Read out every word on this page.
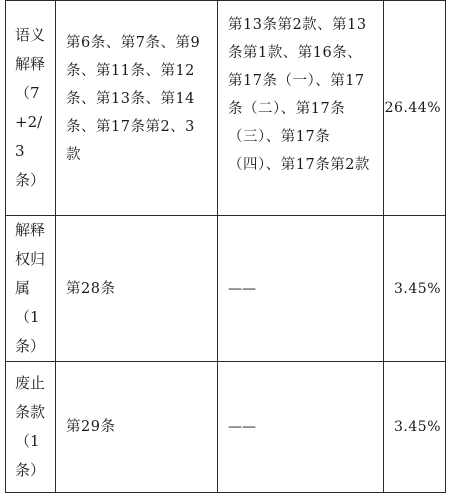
语义解释（7+2/3条）	第6条、第7条、第9条、第11条、第12条、第13条、第14条、第17条第2、3款	第13条第2款、第13条第1款、第16条、第17条（一）、第17条（二）、第17条（三）、第17条（四）、第17条第2款	26.44%
解释权归属（1条）	第28条	——	3.45%
废止条款（1条）	第29条	——	3.45%
